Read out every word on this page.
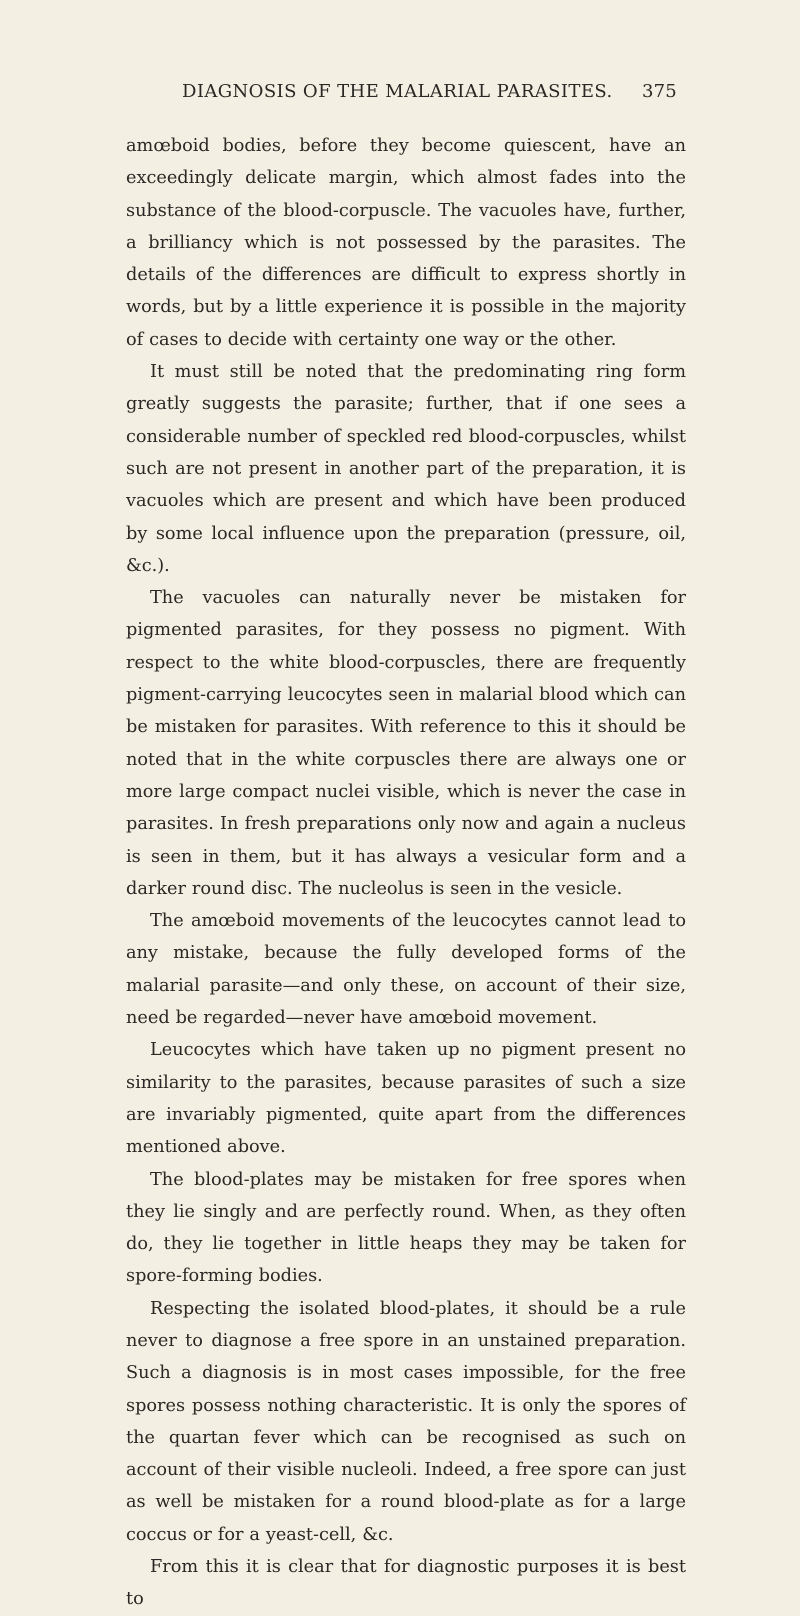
DIAGNOSIS OF THE MALARIAL PARASITES. 375

amœboid bodies, before they become quiescent, have an exceedingly delicate margin, which almost fades into the substance of the blood-corpuscle. The vacuoles have, further, a brilliancy which is not possessed by the parasites. The details of the differences are difficult to express shortly in words, but by a little experience it is possible in the majority of cases to decide with certainty one way or the other.

It must still be noted that the predominating ring form greatly suggests the parasite; further, that if one sees a considerable number of speckled red blood-corpuscles, whilst such are not present in another part of the preparation, it is vacuoles which are present and which have been produced by some local influence upon the preparation (pressure, oil, &c.).

The vacuoles can naturally never be mistaken for pigmented parasites, for they possess no pigment. With respect to the white blood-corpuscles, there are frequently pigment-carrying leucocytes seen in malarial blood which can be mistaken for parasites. With reference to this it should be noted that in the white corpuscles there are always one or more large compact nuclei visible, which is never the case in parasites. In fresh preparations only now and again a nucleus is seen in them, but it has always a vesicular form and a darker round disc. The nucleolus is seen in the vesicle.

The amœboid movements of the leucocytes cannot lead to any mistake, because the fully developed forms of the malarial parasite—and only these, on account of their size, need be regarded—never have amœboid movement.

Leucocytes which have taken up no pigment present no similarity to the parasites, because parasites of such a size are invariably pigmented, quite apart from the differences mentioned above.

The blood-plates may be mistaken for free spores when they lie singly and are perfectly round. When, as they often do, they lie together in little heaps they may be taken for spore-forming bodies.

Respecting the isolated blood-plates, it should be a rule never to diagnose a free spore in an unstained preparation. Such a diagnosis is in most cases impossible, for the free spores possess nothing characteristic. It is only the spores of the quartan fever which can be recognised as such on account of their visible nucleoli. Indeed, a free spore can just as well be mistaken for a round blood-plate as for a large coccus or for a yeast-cell, &c.

From this it is clear that for diagnostic purposes it is best to
